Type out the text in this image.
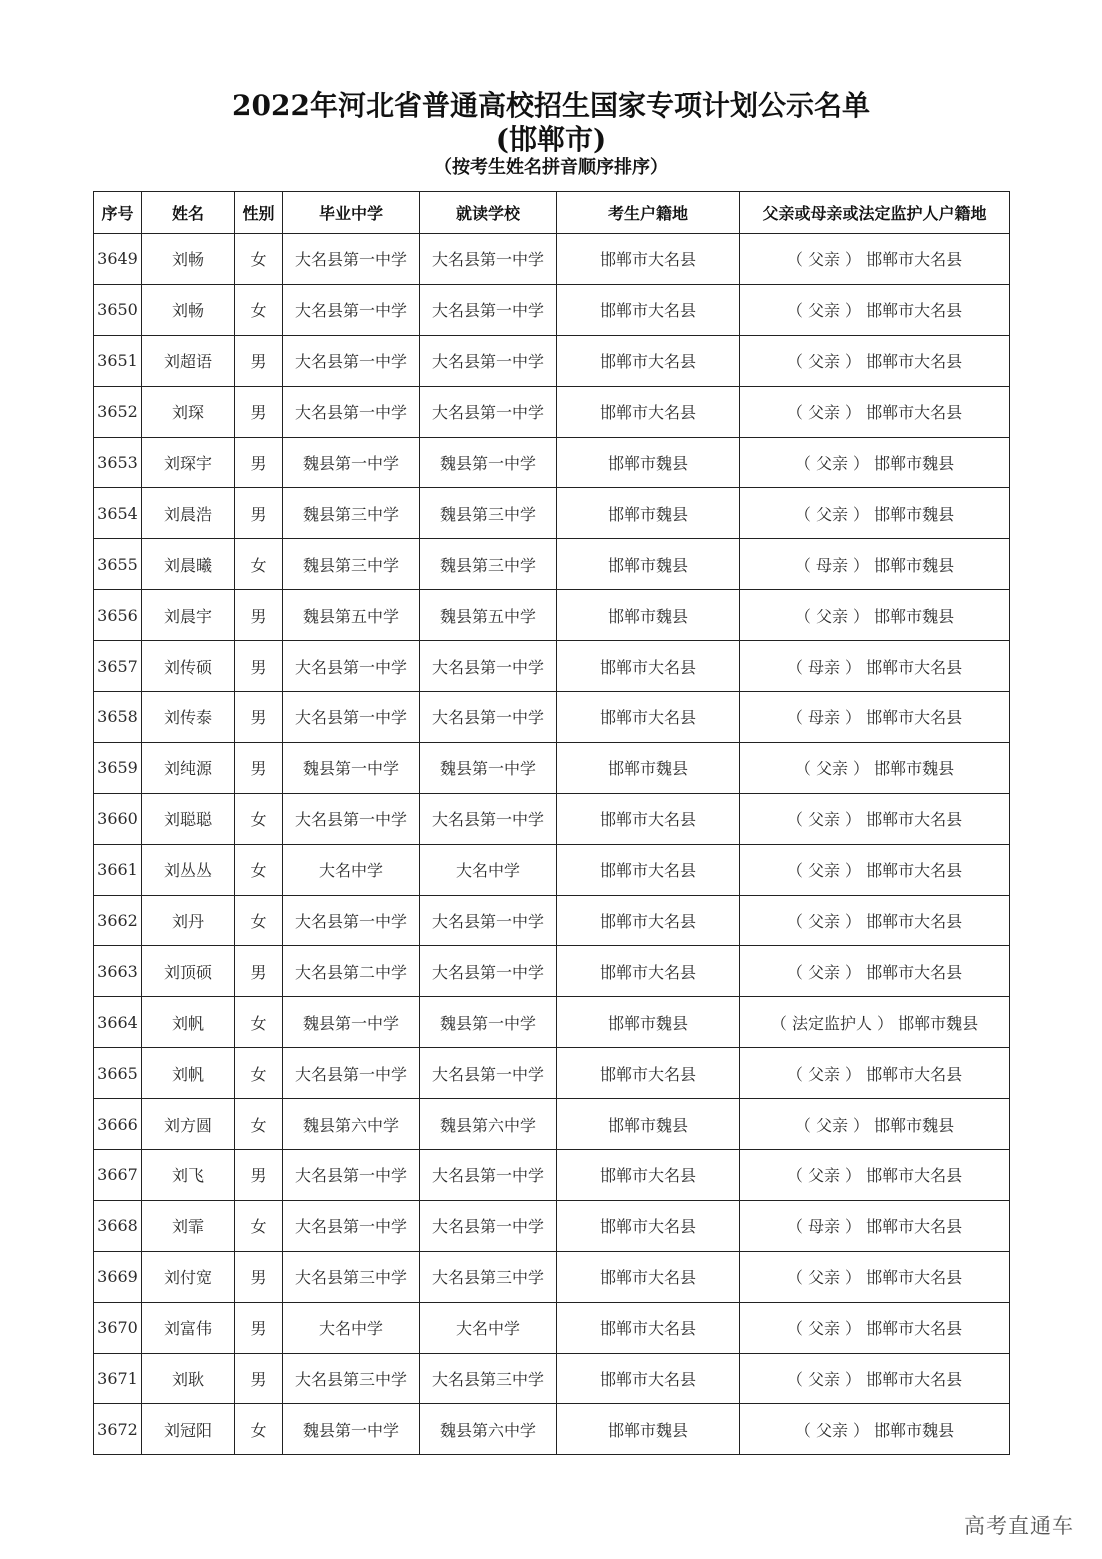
2022年河北省普通高校招生国家专项计划公示名单
(邯郸市)
（按考生姓名拼音顺序排序）
序号	姓名	性别	毕业中学	就读学校	考生户籍地	父亲或母亲或法定监护人户籍地
3649	刘畅	女	大名县第一中学	大名县第一中学	邯郸市大名县	（ 父亲 ） 邯郸市大名县
3650	刘畅	女	大名县第一中学	大名县第一中学	邯郸市大名县	（ 父亲 ） 邯郸市大名县
3651	刘超语	男	大名县第一中学	大名县第一中学	邯郸市大名县	（ 父亲 ） 邯郸市大名县
3652	刘琛	男	大名县第一中学	大名县第一中学	邯郸市大名县	（ 父亲 ） 邯郸市大名县
3653	刘琛宇	男	魏县第一中学	魏县第一中学	邯郸市魏县	（ 父亲 ） 邯郸市魏县
3654	刘晨浩	男	魏县第三中学	魏县第三中学	邯郸市魏县	（ 父亲 ） 邯郸市魏县
3655	刘晨曦	女	魏县第三中学	魏县第三中学	邯郸市魏县	（ 母亲 ） 邯郸市魏县
3656	刘晨宇	男	魏县第五中学	魏县第五中学	邯郸市魏县	（ 父亲 ） 邯郸市魏县
3657	刘传硕	男	大名县第一中学	大名县第一中学	邯郸市大名县	（ 母亲 ） 邯郸市大名县
3658	刘传泰	男	大名县第一中学	大名县第一中学	邯郸市大名县	（ 母亲 ） 邯郸市大名县
3659	刘纯源	男	魏县第一中学	魏县第一中学	邯郸市魏县	（ 父亲 ） 邯郸市魏县
3660	刘聪聪	女	大名县第一中学	大名县第一中学	邯郸市大名县	（ 父亲 ） 邯郸市大名县
3661	刘丛丛	女	大名中学	大名中学	邯郸市大名县	（ 父亲 ） 邯郸市大名县
3662	刘丹	女	大名县第一中学	大名县第一中学	邯郸市大名县	（ 父亲 ） 邯郸市大名县
3663	刘顶硕	男	大名县第二中学	大名县第一中学	邯郸市大名县	（ 父亲 ） 邯郸市大名县
3664	刘帆	女	魏县第一中学	魏县第一中学	邯郸市魏县	（ 法定监护人 ） 邯郸市魏县
3665	刘帆	女	大名县第一中学	大名县第一中学	邯郸市大名县	（ 父亲 ） 邯郸市大名县
3666	刘方圆	女	魏县第六中学	魏县第六中学	邯郸市魏县	（ 父亲 ） 邯郸市魏县
3667	刘飞	男	大名县第一中学	大名县第一中学	邯郸市大名县	（ 父亲 ） 邯郸市大名县
3668	刘霏	女	大名县第一中学	大名县第一中学	邯郸市大名县	（ 母亲 ） 邯郸市大名县
3669	刘付宽	男	大名县第三中学	大名县第三中学	邯郸市大名县	（ 父亲 ） 邯郸市大名县
3670	刘富伟	男	大名中学	大名中学	邯郸市大名县	（ 父亲 ） 邯郸市大名县
3671	刘耿	男	大名县第三中学	大名县第三中学	邯郸市大名县	（ 父亲 ） 邯郸市大名县
3672	刘冠阳	女	魏县第一中学	魏县第六中学	邯郸市魏县	（ 父亲 ） 邯郸市魏县
高考直通车
